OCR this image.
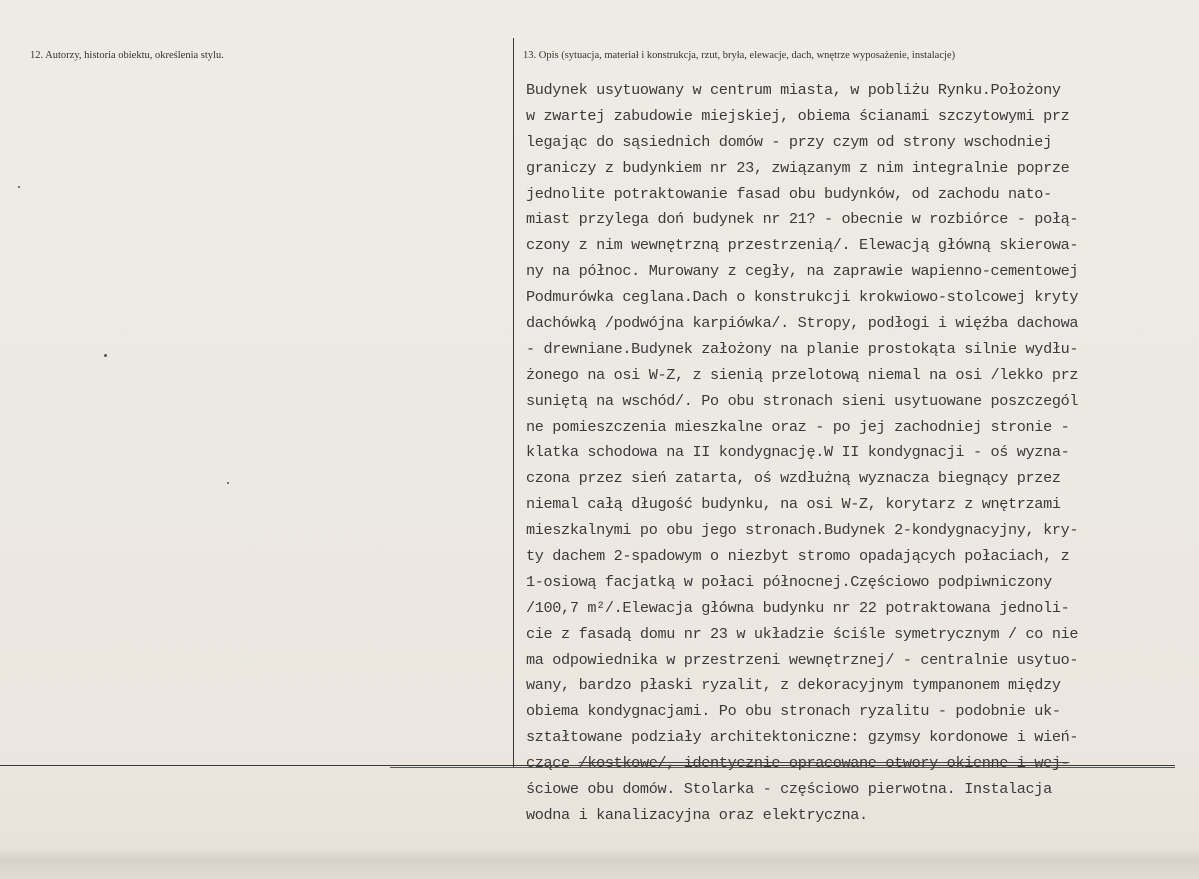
12. Autorzy, historia obiektu, określenia stylu.	13. Opis (sytuacja, materiał i konstrukcja, rzut, bryła, elewacje, dach, wnętrze wyposażenie, instalacje)
Budynek usytuowany w centrum miasta, w pobliżu Rynku.Położony
w zwartej zabudowie miejskiej, obiema ścianami szczytowymi prz
legając do sąsiednich domów - przy czym od strony wschodniej
graniczy z budynkiem nr 23, związanym z nim integralnie poprze
jednolite potraktowanie fasad obu budynków, od zachodu nato-
miast przylega doń budynek nr 21? - obecnie w rozbiórce - połą-
czony z nim wewnętrzną przestrzenią/. Elewacją główną skierowa-
ny na północ. Murowany z cegły, na zaprawie wapienno-cementowej
Podmurówka ceglana.Dach o konstrukcji krokwiowo-stolcowej kryty
dachówką /podwójna karpiówka/. Stropy, podłogi i więźba dachowa
- drewniane.Budynek założony na planie prostokąta silnie wydłu-
żonego na osi W-Z, z sienią przelotową niemal na osi /lekko prz
suniętą na wschód/. Po obu stronach sieni usytuowane poszczegól
ne pomieszczenia mieszkalne oraz - po jej zachodniej stronie -
klatka schodowa na II kondygnację.W II kondygnacji - oś wyzna-
czona przez sień zatarta, oś wzdłużną wyznacza biegnący przez
niemal całą długość budynku, na osi W-Z, korytarz z wnętrzami
mieszkalnymi po obu jego stronach.Budynek 2-kondygnacyjny, kry-
ty dachem 2-spadowym o niezbyt stromo opadających połaciach, z
1-osiową facjatką w połaci północnej.Częściowo podpiwniczony
/100,7 m²/.Elewacja główna budynku nr 22 potraktowana jednoli-
cie z fasadą domu nr 23 w układzie ściśle symetrycznym / co nie
ma odpowiednika w przestrzeni wewnętrznej/ - centralnie usytuo-
wany, bardzo płaski ryzalit, z dekoracyjnym tympanonem między
obiema kondygnacjami. Po obu stronach ryzalitu - podobnie uk-
ształtowane podziały architektoniczne: gzymsy kordonowe i wień-
czące /kostkowe/, identycznie opracowane otwory okienne i wej-
ściowe obu domów. Stolarka - częściowo pierwotna. Instalacja
wodna i kanalizacyjna oraz elektryczna.
